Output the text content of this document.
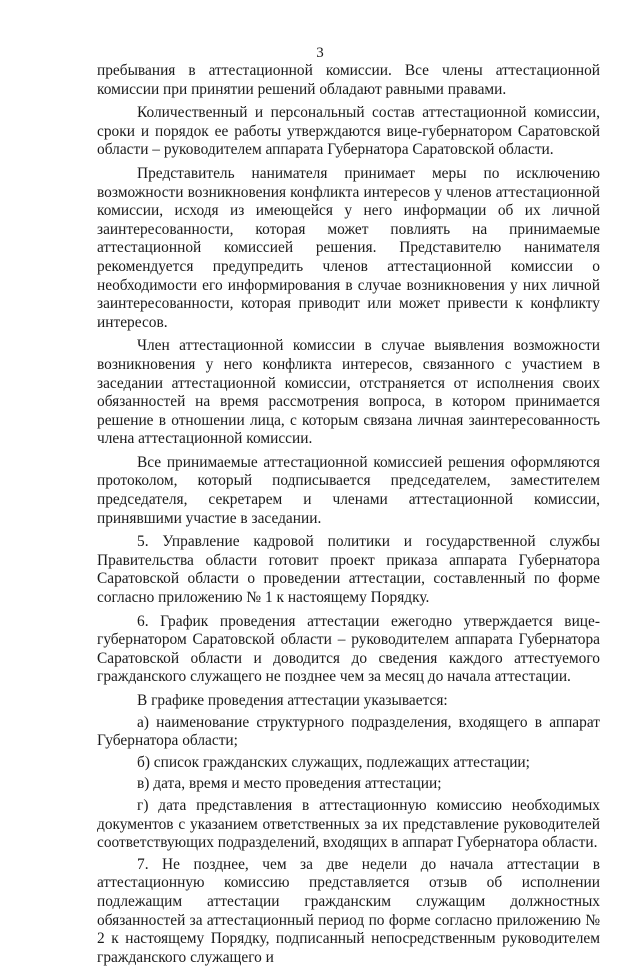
3

пребывания в аттестационной комиссии. Все члены аттестационной комиссии при принятии решений обладают равными правами.

Количественный и персональный состав аттестационной комиссии, сроки и порядок ее работы утверждаются вице-губернатором Саратовской области – руководителем аппарата Губернатора Саратовской области.

Представитель нанимателя принимает меры по исключению возможности возникновения конфликта интересов у членов аттестационной комиссии, исходя из имеющейся у него информации об их личной заинтересованности, которая может повлиять на принимаемые аттестационной комиссией решения. Представителю нанимателя рекомендуется предупредить членов аттестационной комиссии о необходимости его информирования в случае возникновения у них личной заинтересованности, которая приводит или может привести к конфликту интересов.

Член аттестационной комиссии в случае выявления возможности возникновения у него конфликта интересов, связанного с участием в заседании аттестационной комиссии, отстраняется от исполнения своих обязанностей на время рассмотрения вопроса, в котором принимается решение в отношении лица, с которым связана личная заинтересованность члена аттестационной комиссии.

Все принимаемые аттестационной комиссией решения оформляются протоколом, который подписывается председателем, заместителем председателя, секретарем и членами аттестационной комиссии, принявшими участие в заседании.

5. Управление кадровой политики и государственной службы Правительства области готовит проект приказа аппарата Губернатора Саратовской области о проведении аттестации, составленный по форме согласно приложению № 1 к настоящему Порядку.

6. График проведения аттестации ежегодно утверждается вице-губернатором Саратовской области – руководителем аппарата Губернатора Саратовской области и доводится до сведения каждого аттестуемого гражданского служащего не позднее чем за месяц до начала аттестации.

В графике проведения аттестации указывается:

а) наименование структурного подразделения, входящего в аппарат Губернатора области;

б) список гражданских служащих, подлежащих аттестации;

в) дата, время и место проведения аттестации;

г) дата представления в аттестационную комиссию необходимых документов с указанием ответственных за их представление руководителей соответствующих подразделений, входящих в аппарат Губернатора области.

7. Не позднее, чем за две недели до начала аттестации в аттестационную комиссию представляется отзыв об исполнении подлежащим аттестации гражданским служащим должностных обязанностей за аттестационный период по форме согласно приложению № 2 к настоящему Порядку, подписанный непосредственным руководителем гражданского служащего и
